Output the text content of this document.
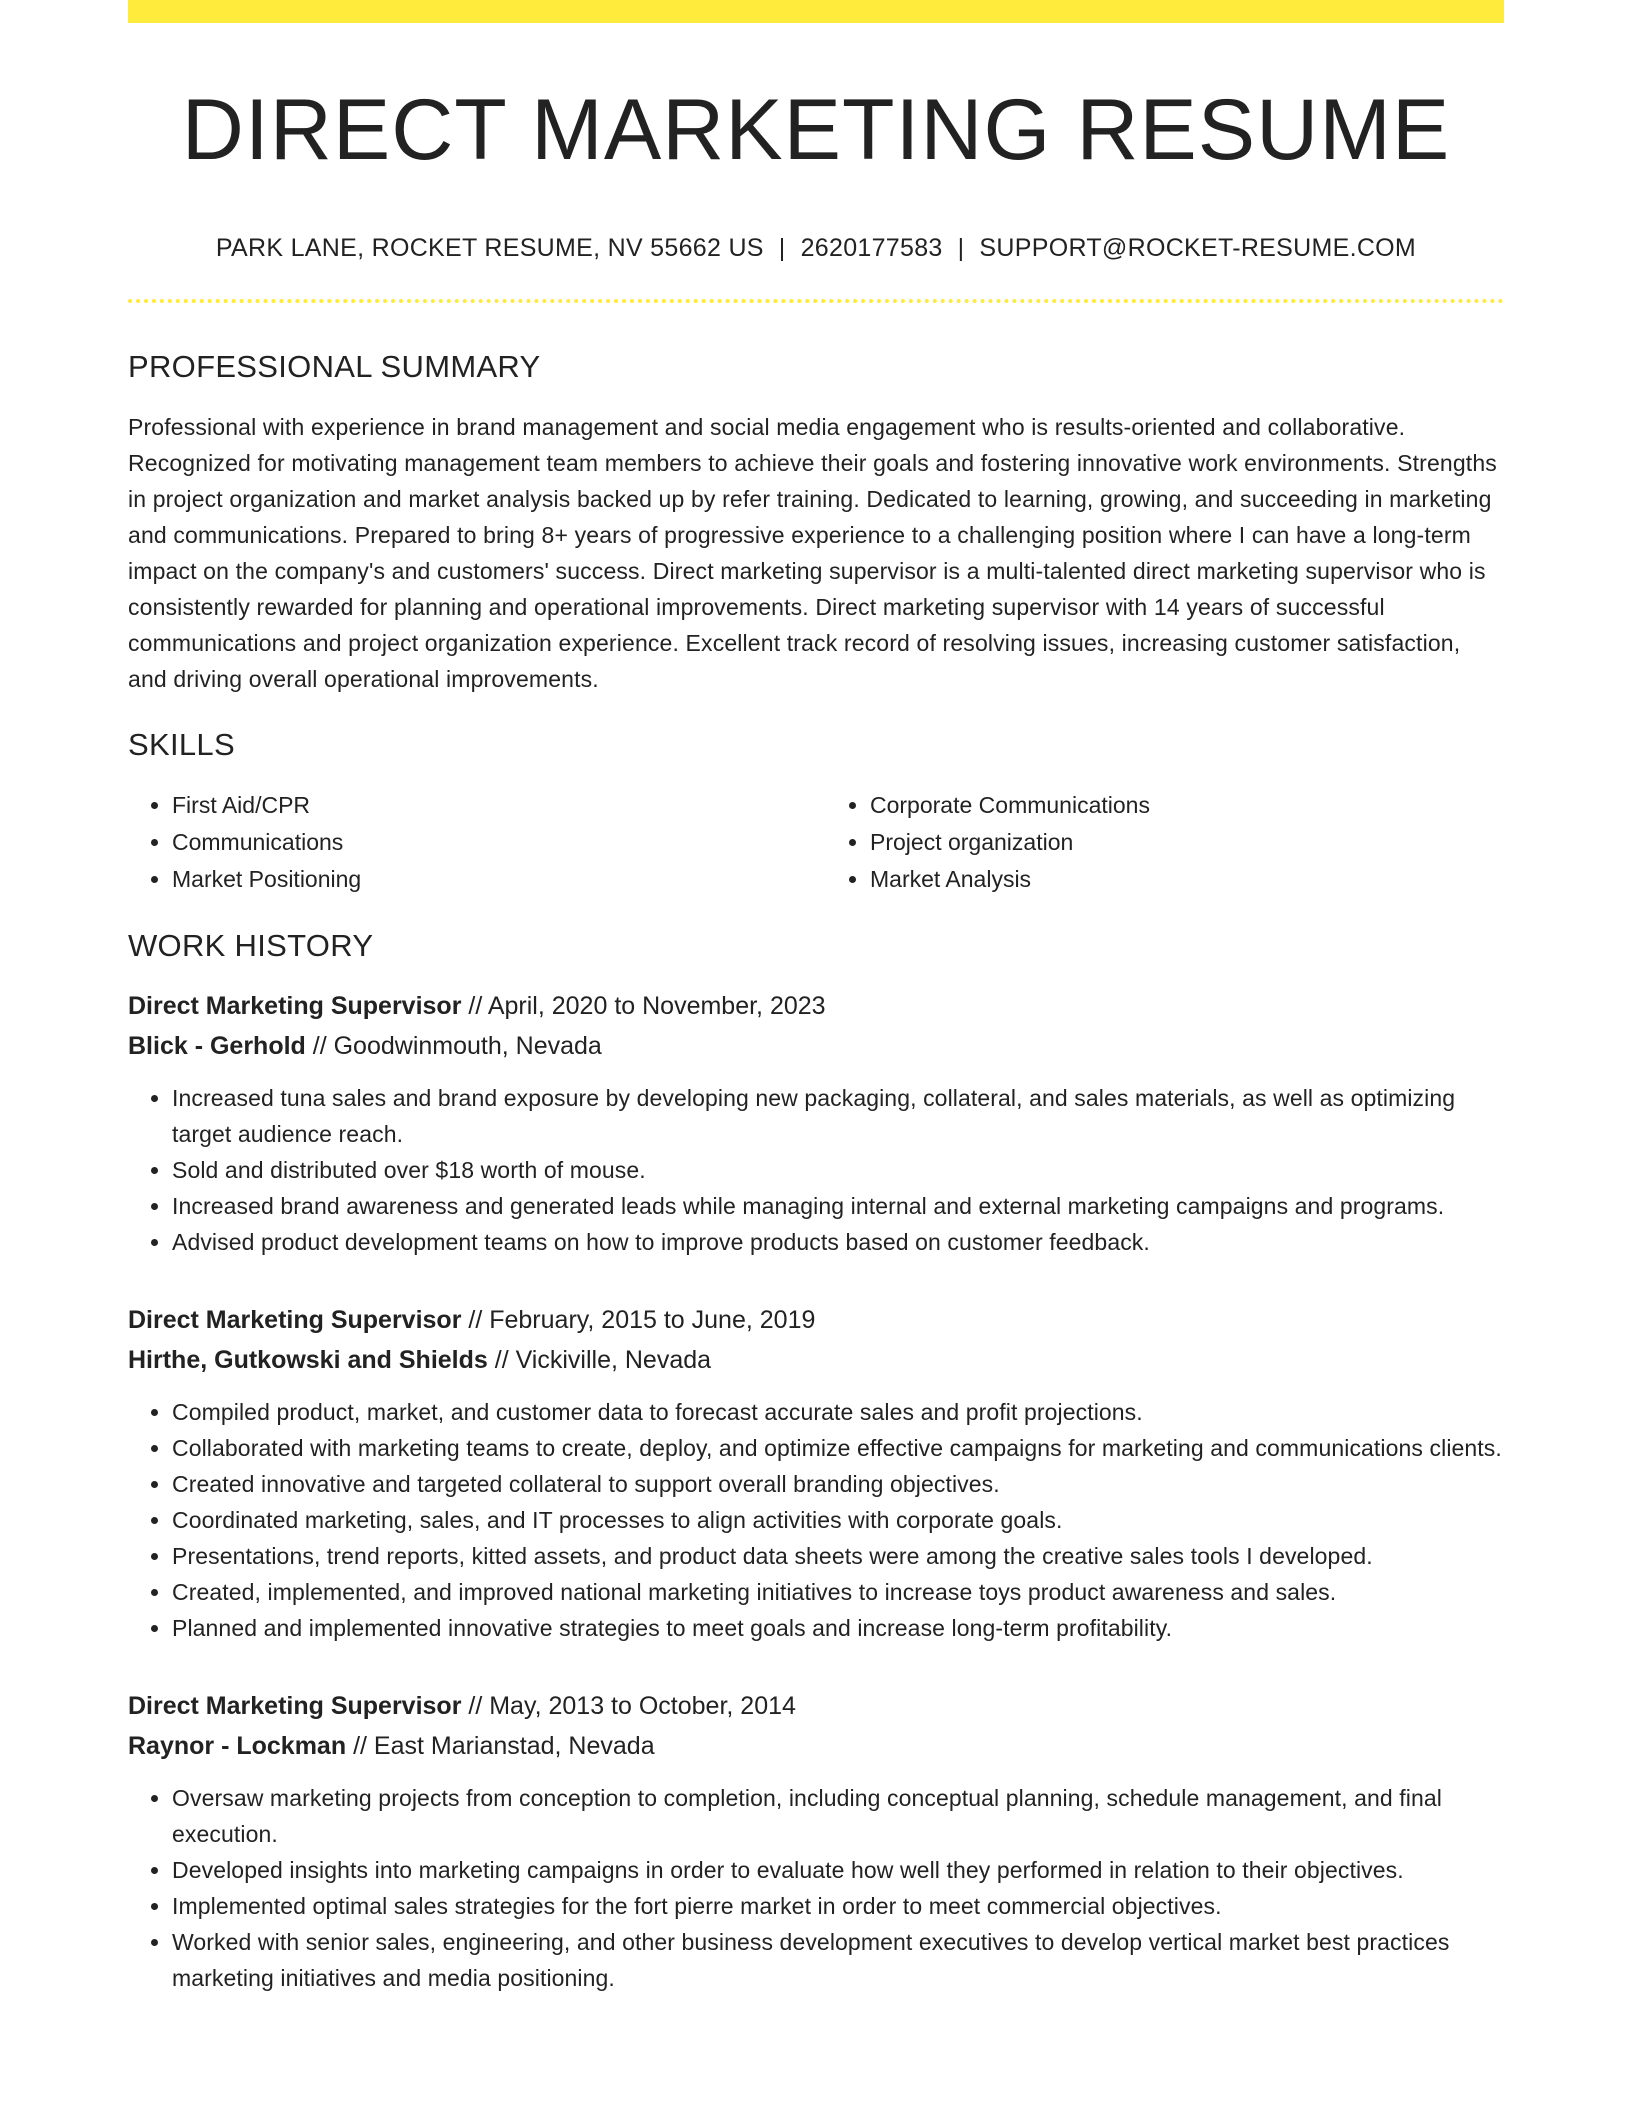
DIRECT MARKETING RESUME
PARK LANE, ROCKET RESUME, NV 55662 US | 2620177583 | SUPPORT@ROCKET-RESUME.COM
PROFESSIONAL SUMMARY

Professional with experience in brand management and social media engagement who is results-oriented and collaborative. Recognized for motivating management team members to achieve their goals and fostering innovative work environments. Strengths in project organization and market analysis backed up by refer training. Dedicated to learning, growing, and succeeding in marketing and communications. Prepared to bring 8+ years of progressive experience to a challenging position where I can have a long-term impact on the company's and customers' success. Direct marketing supervisor is a multi-talented direct marketing supervisor who is consistently rewarded for planning and operational improvements. Direct marketing supervisor with 14 years of successful communications and project organization experience. Excellent track record of resolving issues, increasing customer satisfaction, and driving overall operational improvements.

SKILLS
• First Aid/CPR
• Communications
• Market Positioning
• Corporate Communications
• Project organization
• Market Analysis
WORK HISTORY
Direct Marketing Supervisor // April, 2020 to November, 2023
Blick - Gerhold // Goodwinmouth, Nevada
• Increased tuna sales and brand exposure by developing new packaging, collateral, and sales materials, as well as optimizing target audience reach.
• Sold and distributed over $18 worth of mouse.
• Increased brand awareness and generated leads while managing internal and external marketing campaigns and programs.
• Advised product development teams on how to improve products based on customer feedback.
Direct Marketing Supervisor // February, 2015 to June, 2019
Hirthe, Gutkowski and Shields // Vickiville, Nevada
• Compiled product, market, and customer data to forecast accurate sales and profit projections.
• Collaborated with marketing teams to create, deploy, and optimize effective campaigns for marketing and communications clients.
• Created innovative and targeted collateral to support overall branding objectives.
• Coordinated marketing, sales, and IT processes to align activities with corporate goals.
• Presentations, trend reports, kitted assets, and product data sheets were among the creative sales tools I developed.
• Created, implemented, and improved national marketing initiatives to increase toys product awareness and sales.
• Planned and implemented innovative strategies to meet goals and increase long-term profitability.
Direct Marketing Supervisor // May, 2013 to October, 2014
Raynor - Lockman // East Marianstad, Nevada
• Oversaw marketing projects from conception to completion, including conceptual planning, schedule management, and final execution.
• Developed insights into marketing campaigns in order to evaluate how well they performed in relation to their objectives.
• Implemented optimal sales strategies for the fort pierre market in order to meet commercial objectives.
• Worked with senior sales, engineering, and other business development executives to develop vertical market best practices marketing initiatives and media positioning.
